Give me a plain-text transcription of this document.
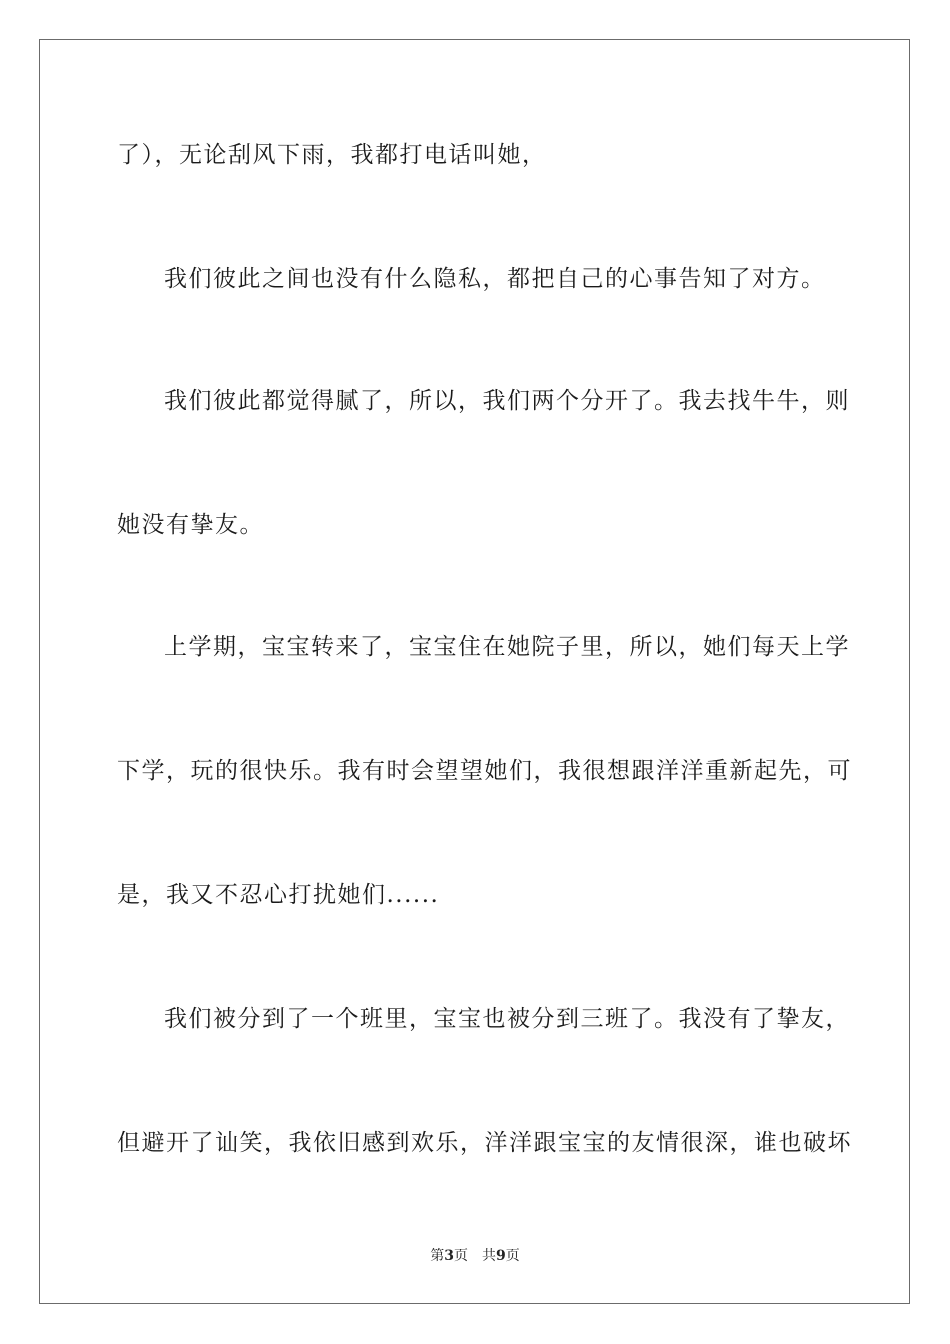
了），无论刮风下雨，我都打电话叫她，
我们彼此之间也没有什么隐私，都把自己的心事告知了对方。
我们彼此都觉得腻了，所以，我们两个分开了。我去找牛牛，则
她没有挚友。
上学期，宝宝转来了，宝宝住在她院子里，所以，她们每天上学
下学，玩的很快乐。我有时会望望她们，我很想跟洋洋重新起先，可
是，我又不忍心打扰她们......
我们被分到了一个班里，宝宝也被分到三班了。我没有了挚友，
但避开了讪笑，我依旧感到欢乐，洋洋跟宝宝的友情很深，谁也破坏
第3页 共9页
